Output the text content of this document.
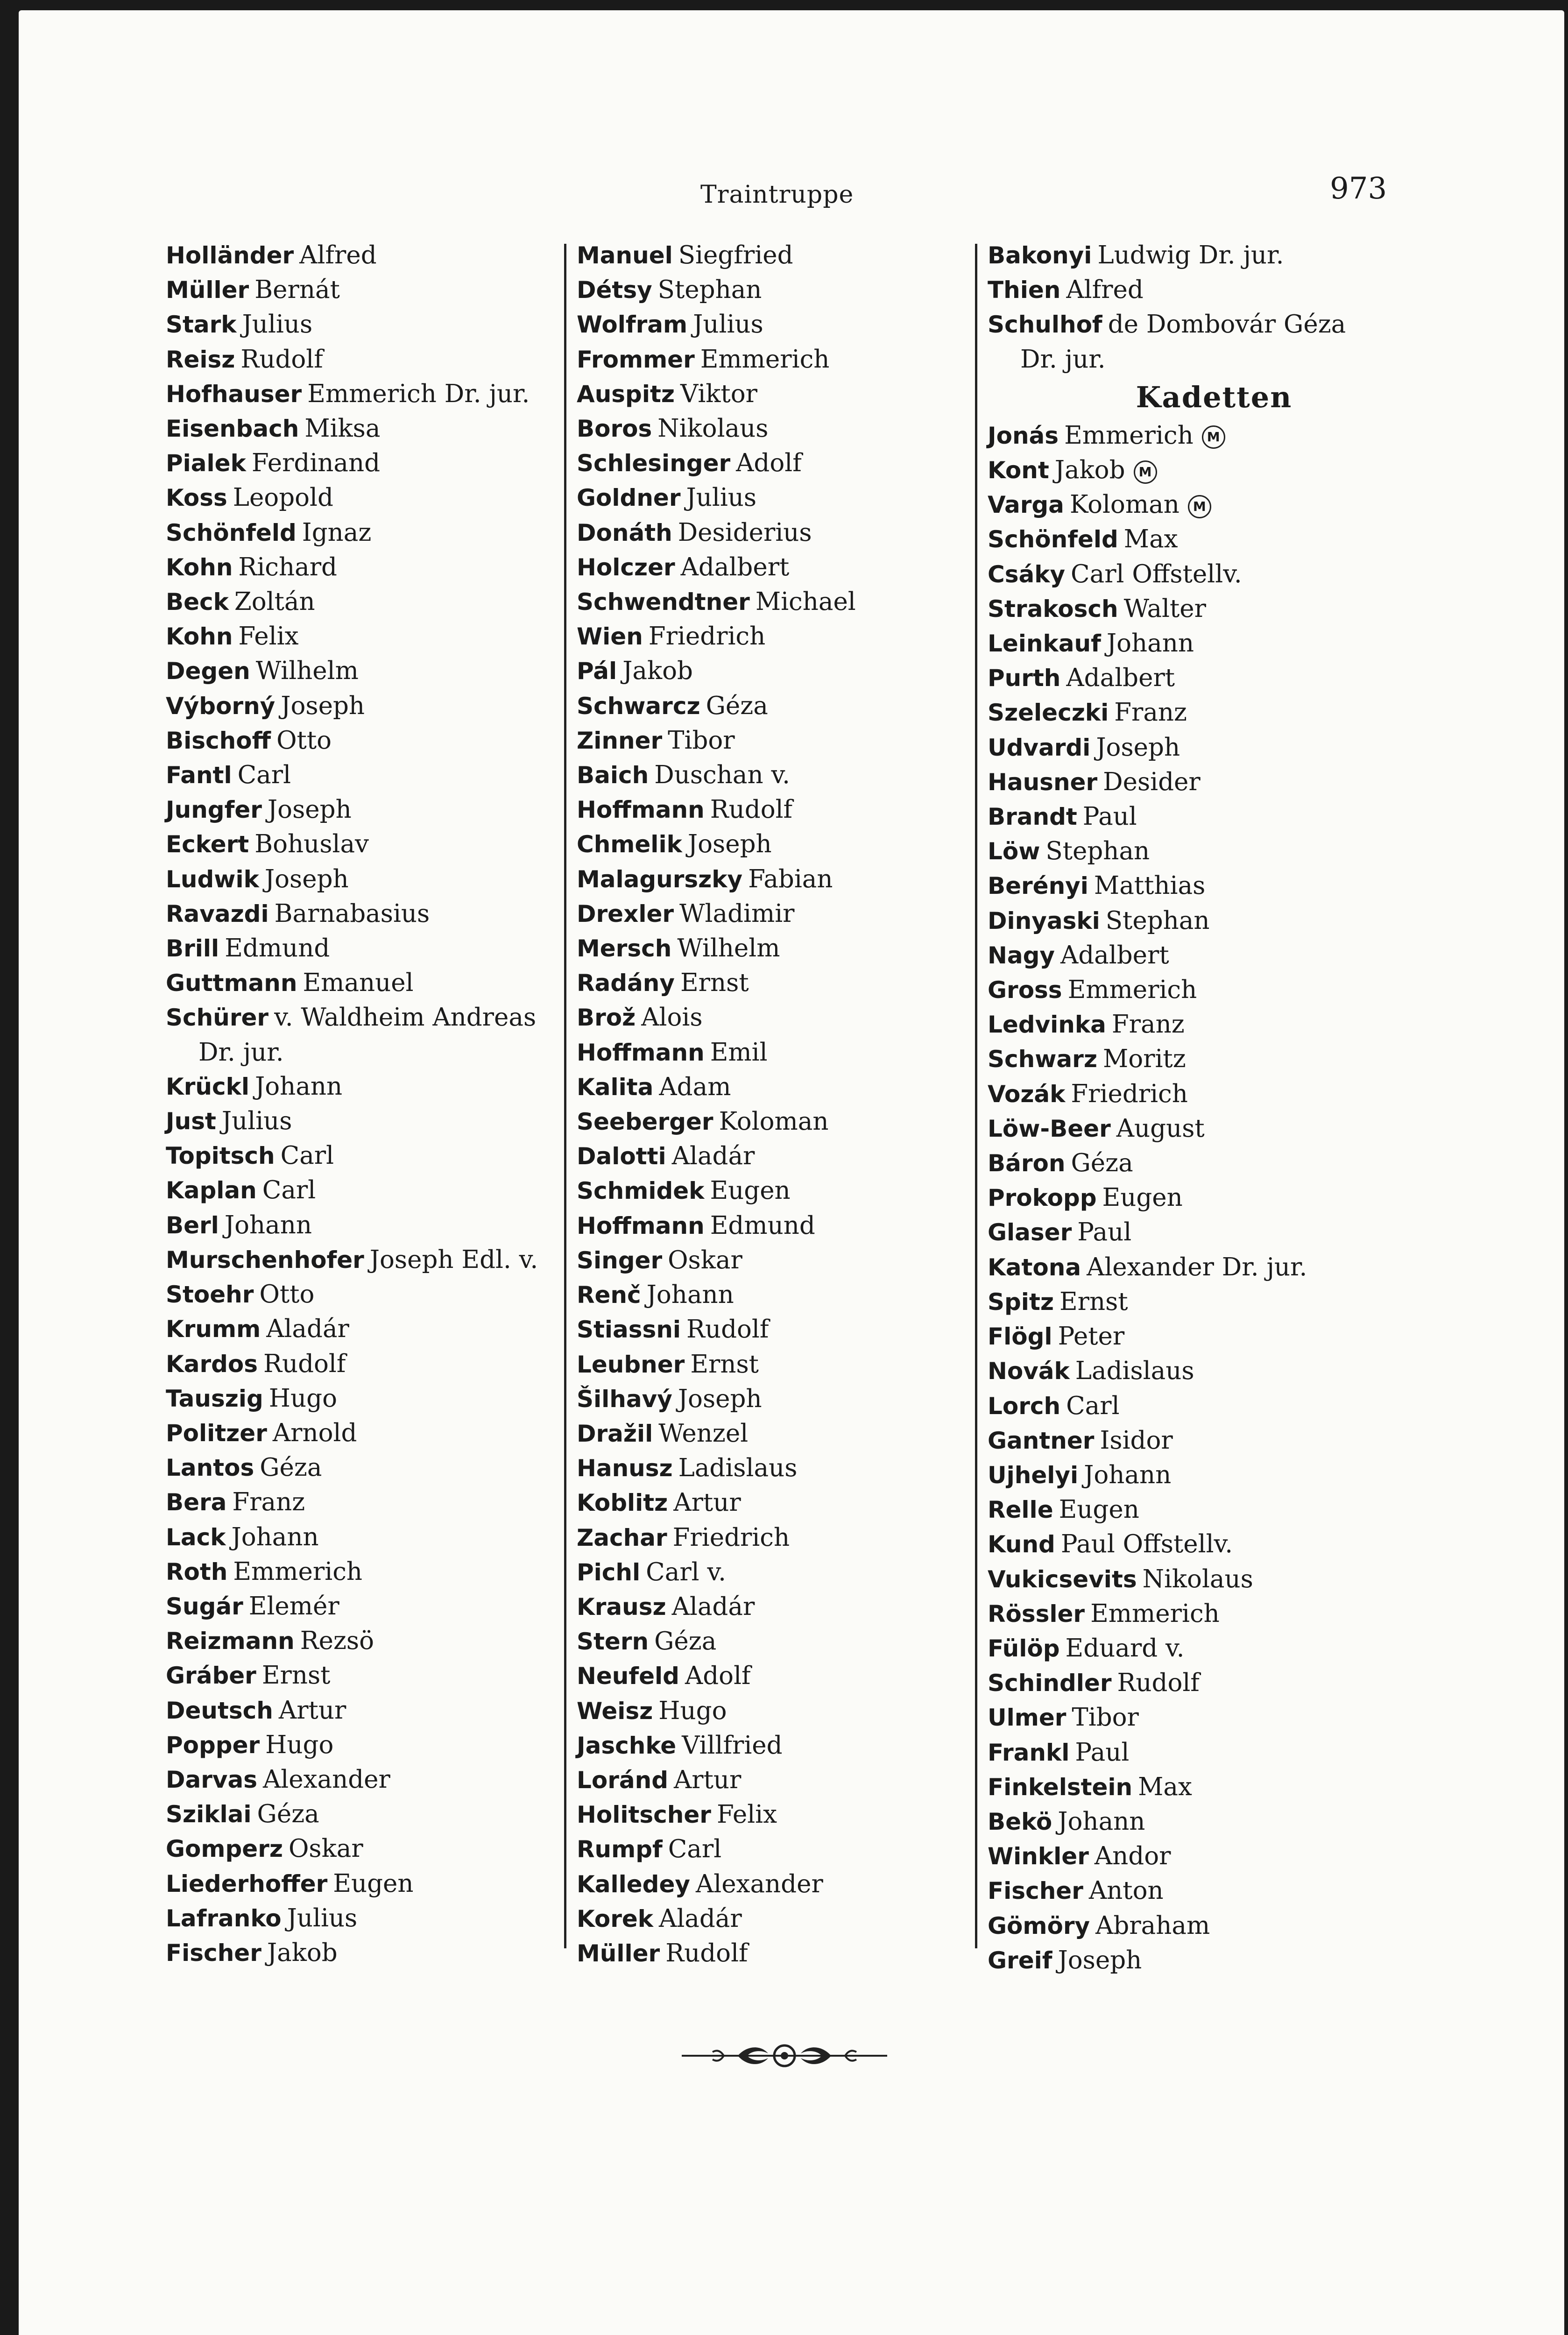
Traintruppe	973
Holländer Alfred
Müller Bernát
Stark Julius
Reisz Rudolf
Hofhauser Emmerich Dr. jur.
Eisenbach Miksa
Pialek Ferdinand
Koss Leopold
Schönfeld Ignaz
Kohn Richard
Beck Zoltán
Kohn Felix
Degen Wilhelm
Výborný Joseph
Bischoff Otto
Fantl Carl
Jungfer Joseph
Eckert Bohuslav
Ludwik Joseph
Ravazdi Barnabasius
Brill Edmund
Guttmann Emanuel
Schürer v. Waldheim Andreas
Dr. jur.
Krückl Johann
Just Julius
Topitsch Carl
Kaplan Carl
Berl Johann
Murschenhofer Joseph Edl. v.
Stoehr Otto
Krumm Aladár
Kardos Rudolf
Tauszig Hugo
Politzer Arnold
Lantos Géza
Bera Franz
Lack Johann
Roth Emmerich
Sugár Elemér
Reizmann Rezsö
Gráber Ernst
Deutsch Artur
Popper Hugo
Darvas Alexander
Sziklai Géza
Gomperz Oskar
Liederhoffer Eugen
Lafranko Julius
Fischer Jakob
Manuel Siegfried
Détsy Stephan
Wolfram Julius
Frommer Emmerich
Auspitz Viktor
Boros Nikolaus
Schlesinger Adolf
Goldner Julius
Donáth Desiderius
Holczer Adalbert
Schwendtner Michael
Wien Friedrich
Pál Jakob
Schwarcz Géza
Zinner Tibor
Baich Duschan v.
Hoffmann Rudolf
Chmelik Joseph
Malagurszky Fabian
Drexler Wladimir
Mersch Wilhelm
Radány Ernst
Brož Alois
Hoffmann Emil
Kalita Adam
Seeberger Koloman
Dalotti Aladár
Schmidek Eugen
Hoffmann Edmund
Singer Oskar
Renč Johann
Stiassni Rudolf
Leubner Ernst
Šilhavý Joseph
Dražil Wenzel
Hanusz Ladislaus
Koblitz Artur
Zachar Friedrich
Pichl Carl v.
Krausz Aladár
Stern Géza
Neufeld Adolf
Weisz Hugo
Jaschke Villfried
Loránd Artur
Holitscher Felix
Rumpf Carl
Kalledey Alexander
Korek Aladár
Müller Rudolf
Bakonyi Ludwig Dr. jur.
Thien Alfred
Schulhof de Dombovár Géza
Dr. jur.
Kadetten
Jonás Emmerich M
Kont Jakob M
Varga Koloman M
Schönfeld Max
Csáky Carl Offstellv.
Strakosch Walter
Leinkauf Johann
Purth Adalbert
Szeleczki Franz
Udvardi Joseph
Hausner Desider
Brandt Paul
Löw Stephan
Berényi Matthias
Dinyaski Stephan
Nagy Adalbert
Gross Emmerich
Ledvinka Franz
Schwarz Moritz
Vozák Friedrich
Löw-Beer August
Báron Géza
Prokopp Eugen
Glaser Paul
Katona Alexander Dr. jur.
Spitz Ernst
Flögl Peter
Novák Ladislaus
Lorch Carl
Gantner Isidor
Ujhelyi Johann
Relle Eugen
Kund Paul Offstellv.
Vukicsevits Nikolaus
Rössler Emmerich
Fülöp Eduard v.
Schindler Rudolf
Ulmer Tibor
Frankl Paul
Finkelstein Max
Bekö Johann
Winkler Andor
Fischer Anton
Gömöry Abraham
Greif Joseph
